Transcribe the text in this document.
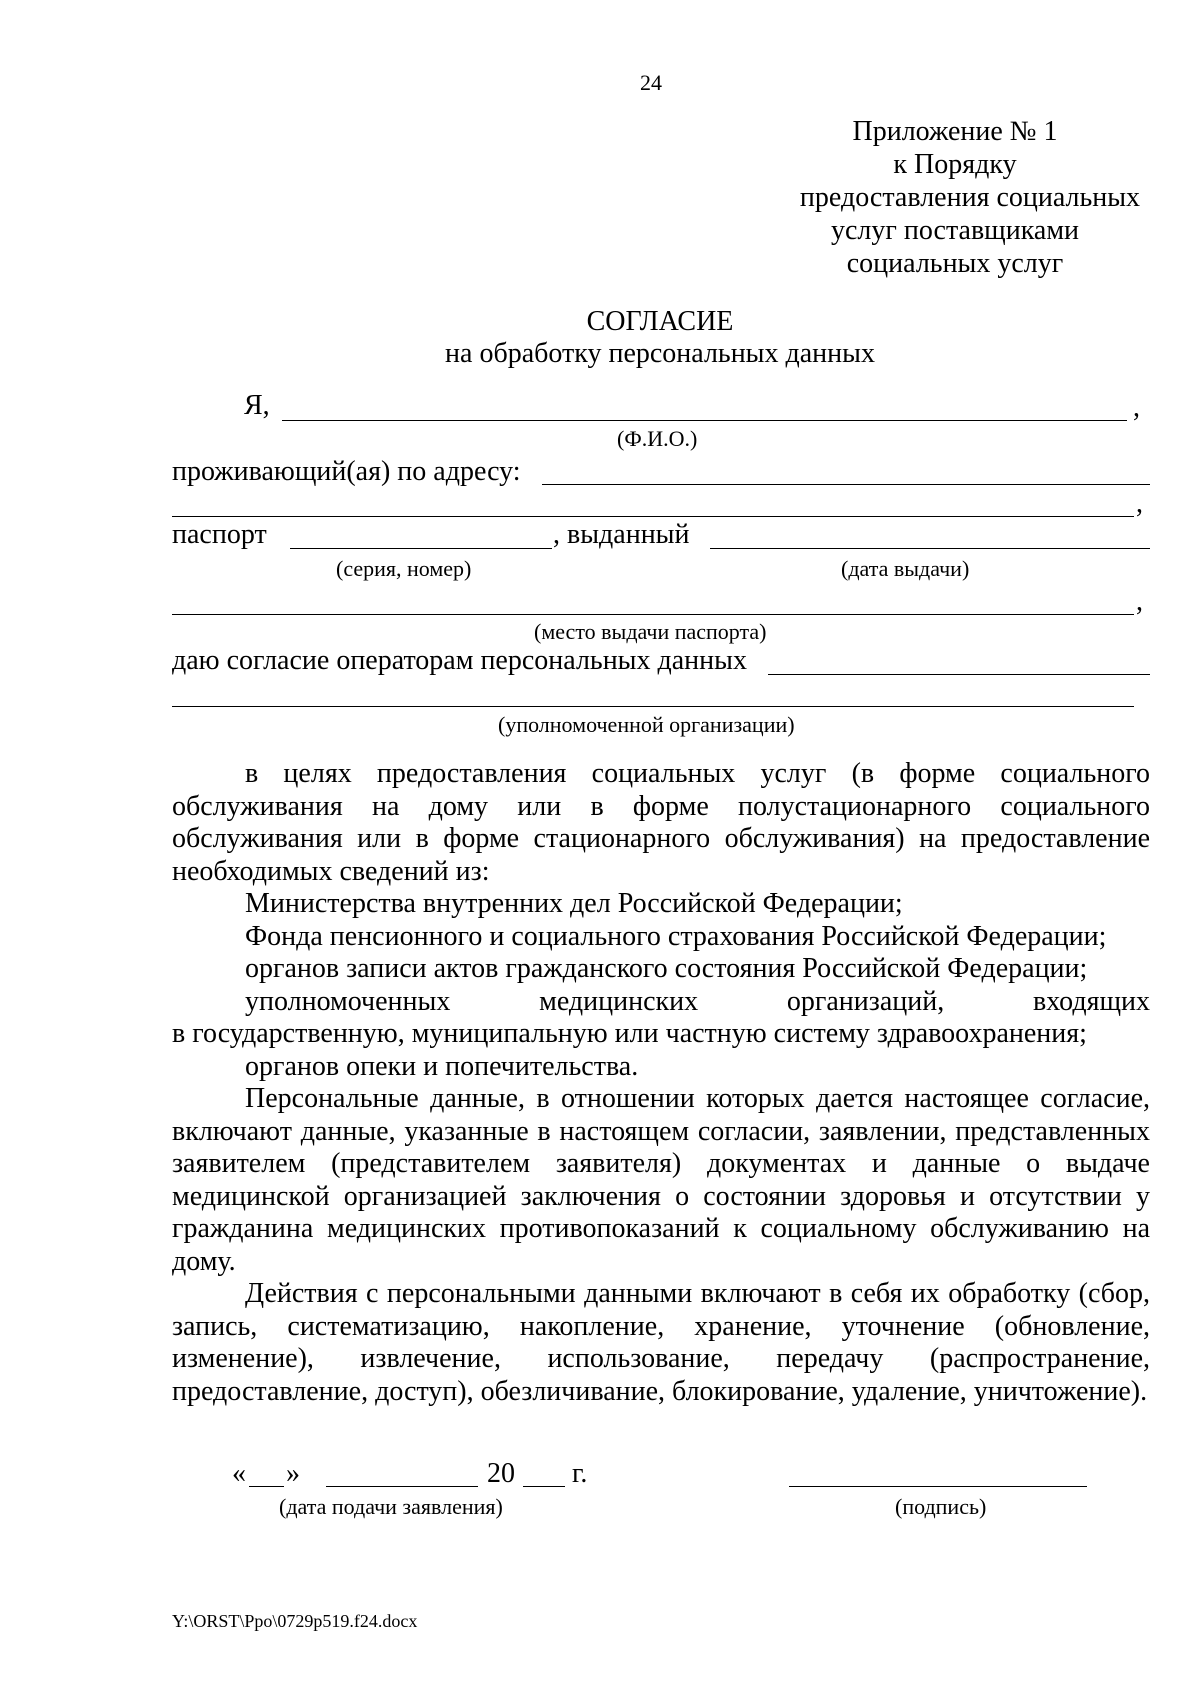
24
Приложение № 1
к Порядку
предоставления социальных
услуг поставщиками
социальных услуг
СОГЛАСИЕ
на обработку персональных данных
Я,	,
(Ф.И.О.)
проживающий(ая) по адресу:
,
паспорт	, выданный
(серия, номер)	(дата выдачи)
,
(место выдачи паспорта)
даю согласие операторам персональных данных
(уполномоченной организации)

в целях предоставления социальных услуг (в форме социального обслуживания на дому или в форме полустационарного социального обслуживания или в форме стационарного обслуживания) на предоставление необходимых сведений из:

Министерства внутренних дел Российской Федерации;

Фонда пенсионного и социального страхования Российской Федерации;

органов записи актов гражданского состояния Российской Федерации;

уполномоченных медицинских организаций, входящих

в государственную, муниципальную или частную систему здравоохранения;

органов опеки и попечительства.

Персональные данные, в отношении которых дается настоящее согласие, включают данные, указанные в настоящем согласии, заявлении, представленных заявителем (представителем заявителя) документах и данные о выдаче медицинской организацией заключения о состоянии здоровья и отсутствии у гражданина медицинских противопоказаний к социальному обслуживанию на дому.

Действия с персональными данными включают в себя их обработку (сбор, запись, систематизацию, накопление, хранение, уточнение (обновление, изменение), извлечение, использование, передачу (распространение, предоставление, доступ), обезличивание, блокирование, удаление, уничтожение).

« »	20 г.
(дата подачи заявления)	(подпись)
Y:\ORST\Ppo\0729p519.f24.docx
